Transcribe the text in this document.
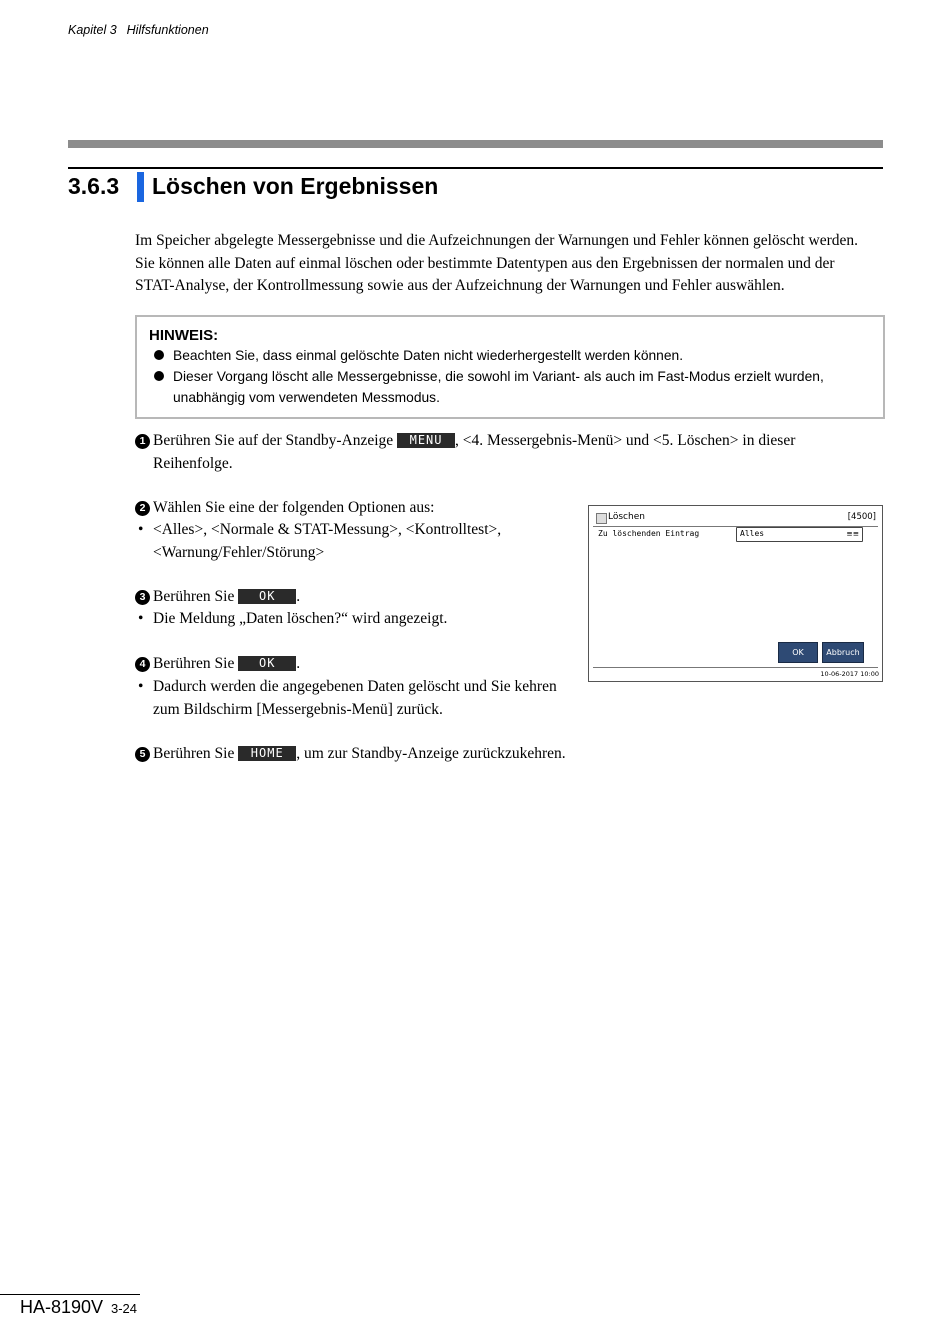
Kapitel 3 Hilfsfunktionen
3.6.3 Löschen von Ergebnissen
Im Speicher abgelegte Messergebnisse und die Aufzeichnungen der Warnungen und Fehler können gelöscht werden.
Sie können alle Daten auf einmal löschen oder bestimmte Datentypen aus den Ergebnissen der normalen und der
STAT-Analyse, der Kontrollmessung sowie aus der Aufzeichnung der Warnungen und Fehler auswählen.
HINWEIS:
Beachten Sie, dass einmal gelöschte Daten nicht wiederhergestellt werden können.
Dieser Vorgang löscht alle Messergebnisse, die sowohl im Variant- als auch im Fast-Modus erzielt wurden,
unabhängig vom verwendeten Messmodus.
1 Berühren Sie auf der Standby-Anzeige MENU , <4. Messergebnis-Menü> und <5. Löschen> in dieser
Reihenfolge.
2 Wählen Sie eine der folgenden Optionen aus:
• <Alles>, <Normale & STAT-Messung>, <Kontrolltest>,
<Warnung/Fehler/Störung>
3 Berühren Sie OK .
• Die Meldung „Daten löschen?“ wird angezeigt.
4 Berühren Sie OK .
• Dadurch werden die angegebenen Daten gelöscht und Sie kehren
zum Bildschirm [Messergebnis-Menü] zurück.
5 Berühren Sie HOME , um zur Standby-Anzeige zurückzukehren.
Löschen	[4500]
Zu löschenden Eintrag	Alles	≡≡
OK	Abbruch
10-06-2017 10:00
HA-8190V 3-24
